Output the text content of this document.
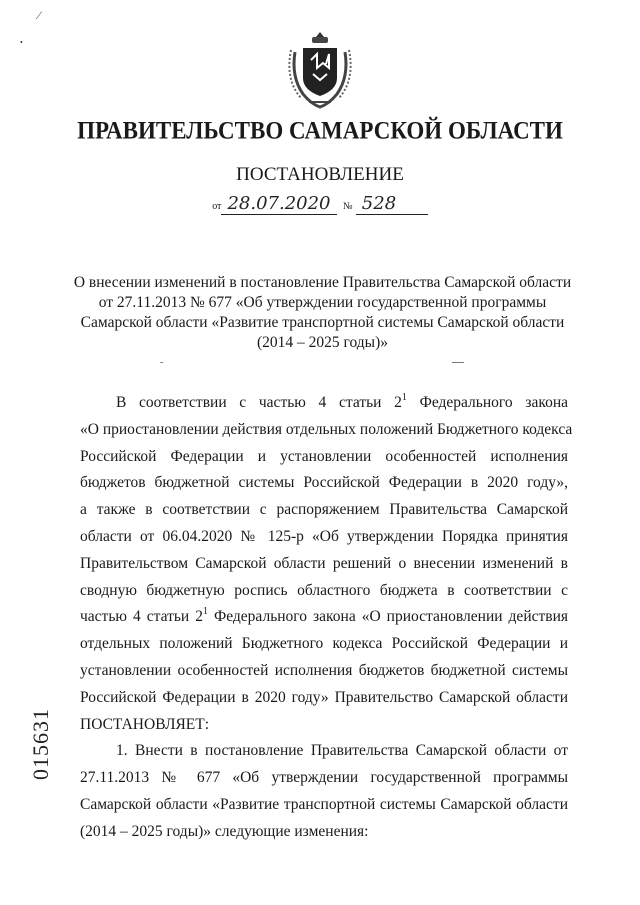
⁄
•
ПРАВИТЕЛЬСТВО САМАРСКОЙ ОБЛАСТИ
ПОСТАНОВЛЕНИЕ
от 28.07.2020 № 528
О внесении изменений в постановление Правительства Самарской области
от 27.11.2013 № 677 «Об утверждении государственной программы
Самарской области «Развитие транспортной системы Самарской области
(2014 – 2025 годы)»
-
В соответствии с частью 4 статьи $2^1$ Федерального закона
«О приостановлении действия отдельных положений Бюджетного кодекса
Российской Федерации и установлении особенностей исполнения
бюджетов бюджетной системы Российской Федерации в 2020 году»,
а также в соответствии с распоряжением Правительства Самарской
области от 06.04.2020 № 125-р «Об утверждении Порядка принятия
Правительством Самарской области решений о внесении изменений в
сводную бюджетную роспись областного бюджета в соответствии с
частью 4 статьи $2^1$ Федерального закона «О приостановлении действия
отдельных положений Бюджетного кодекса Российской Федерации и
установлении особенностей исполнения бюджетов бюджетной системы
Российской Федерации в 2020 году» Правительство Самарской области
ПОСТАНОВЛЯЕТ:
1. Внести в постановление Правительства Самарской области от
27.11.2013 № 677 «Об утверждении государственной программы
Самарской области «Развитие транспортной системы Самарской области
(2014 – 2025 годы)» следующие изменения:
015631
